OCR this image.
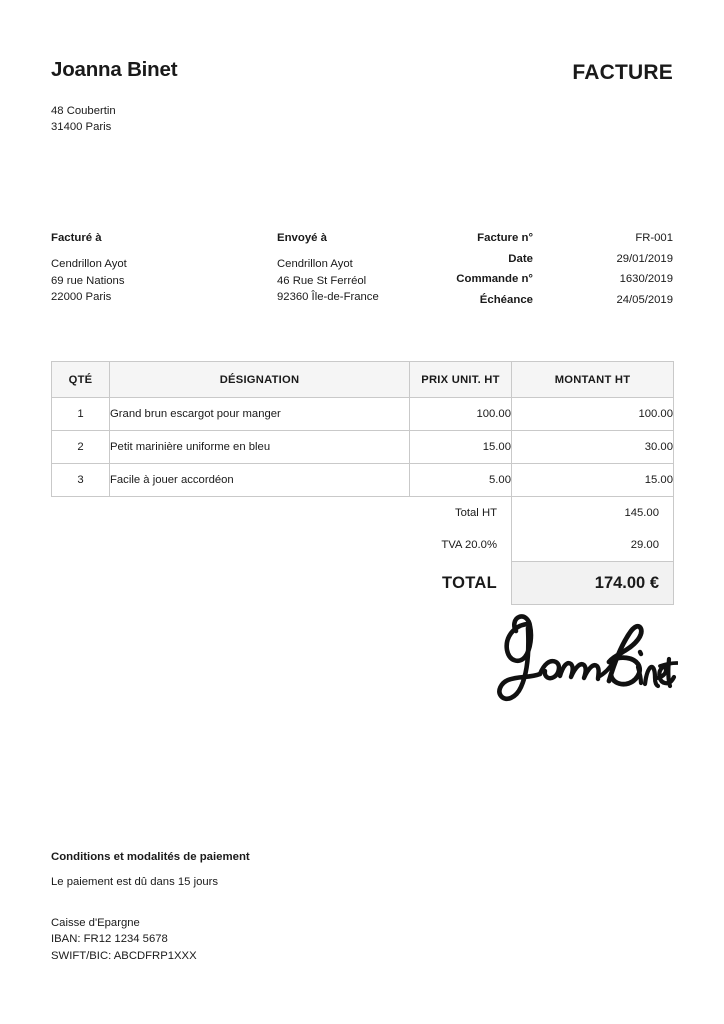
Joanna Binet
48 Coubertin
31400 Paris
FACTURE
Facturé à
Cendrillon Ayot
69 rue Nations
22000 Paris
Envoyé à
Cendrillon Ayot
46 Rue St Ferréol
92360 Île-de-France
Facture n°	FR-001
Date	29/01/2019
Commande n°	1630/2019
Échéance	24/05/2019
QTÉ	DÉSIGNATION	PRIX UNIT. HT	MONTANT HT
1	Grand brun escargot pour manger	100.00	100.00
2	Petit marinière uniforme en bleu	15.00	30.00
3	Facile à jouer accordéon	5.00	15.00
Total HT			145.00
TVA 20.0%			29.00
TOTAL			174.00 €
Conditions et modalités de paiement
Le paiement est dû dans 15 jours
Caisse d'Epargne
IBAN: FR12 1234 5678
SWIFT/BIC: ABCDFRP1XXX
